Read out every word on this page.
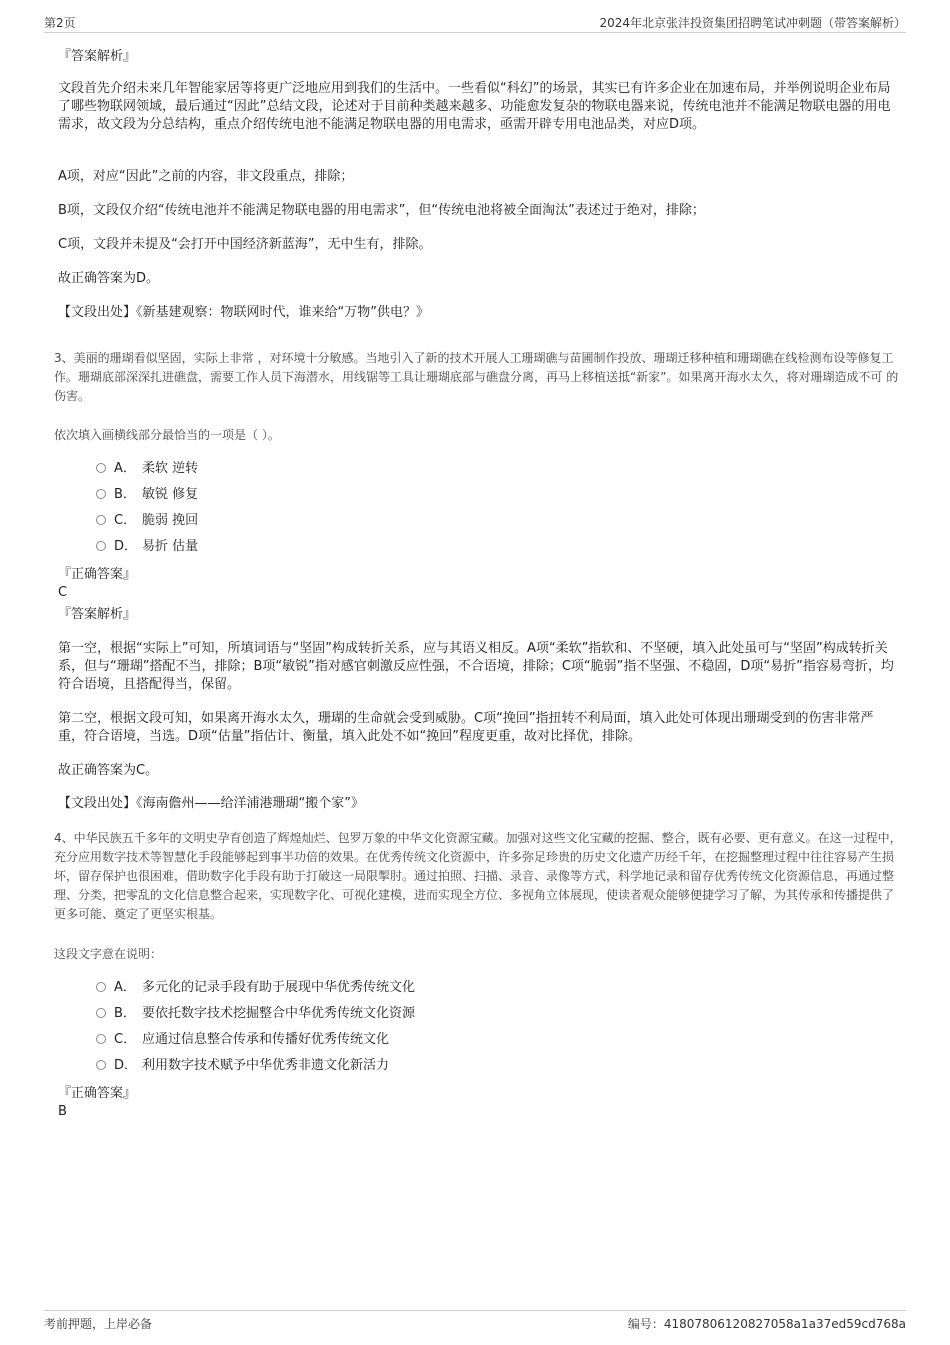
第2页	2024年北京张沣投资集团招聘笔试冲刺题（带答案解析）
『答案解析』
文段首先介绍未来几年智能家居等将更广泛地应用到我们的生活中。一些看似“科幻”的场景，其实已有许多企业在加速布局，并举例说明企业布局了哪些物联网领域，最后通过“因此”总结文段，论述对于目前种类越来越多、功能愈发复杂的物联电器来说，传统电池并不能满足物联电器的用电需求，故文段为分总结构，重点介绍传统电池不能满足物联电器的用电需求，亟需开辟专用电池品类，对应D项。
A项，对应“因此”之前的内容，非文段重点，排除；
B项，文段仅介绍“传统电池并不能满足物联电器的用电需求”，但“传统电池将被全面淘汰”表述过于绝对，排除；
C项，文段并未提及“会打开中国经济新蓝海”，无中生有，排除。
故正确答案为D。
【文段出处】《新基建观察：物联网时代，谁来给“万物”供电？》
3、美丽的珊瑚看似坚固，实际上非常 ，对环境十分敏感。当地引入了新的技术开展人工珊瑚礁与苗圃制作投放、珊瑚迁移种植和珊瑚礁在线检测布设等修复工作。珊瑚底部深深扎进礁盘，需要工作人员下海潜水，用线锯等工具让珊瑚底部与礁盘分离，再马上移植送抵“新家”。如果离开海水太久，将对珊瑚造成不可 的伤害。
依次填入画横线部分最恰当的一项是（ ）。
A． 柔软 逆转
B． 敏锐 修复
C． 脆弱 挽回
D． 易折 估量
『正确答案』
C
『答案解析』
第一空，根据“实际上”可知，所填词语与“坚固”构成转折关系，应与其语义相反。A项“柔软”指软和、不坚硬，填入此处虽可与“坚固”构成转折关系，但与“珊瑚”搭配不当，排除；B项“敏锐”指对感官刺激反应性强，不合语境，排除；C项“脆弱”指不坚强、不稳固，D项“易折”指容易弯折，均符合语境，且搭配得当，保留。
第二空，根据文段可知，如果离开海水太久，珊瑚的生命就会受到威胁。C项“挽回”指扭转不利局面，填入此处可体现出珊瑚受到的伤害非常严重，符合语境，当选。D项“估量”指估计、衡量，填入此处不如“挽回”程度更重，故对比择优，排除。
故正确答案为C。
【文段出处】《海南儋州——给洋浦港珊瑚“搬个家”》
4、中华民族五千多年的文明史孕育创造了辉煌灿烂、包罗万象的中华文化资源宝藏。加强对这些文化宝藏的挖掘、整合，既有必要、更有意义。在这一过程中，充分应用数字技术等智慧化手段能够起到事半功倍的效果。在优秀传统文化资源中，许多弥足珍贵的历史文化遗产历经千年，在挖掘整理过程中往往容易产生损坏，留存保护也很困难，借助数字化手段有助于打破这一局限掣肘。通过拍照、扫描、录音、录像等方式，科学地记录和留存优秀传统文化资源信息，再通过整理、分类，把零乱的文化信息整合起来，实现数字化、可视化建模，进而实现全方位、多视角立体展现，使读者观众能够便捷学习了解，为其传承和传播提供了更多可能、奠定了更坚实根基。
这段文字意在说明：
A． 多元化的记录手段有助于展现中华优秀传统文化
B． 要依托数字技术挖掘整合中华优秀传统文化资源
C． 应通过信息整合传承和传播好优秀传统文化
D． 利用数字技术赋予中华优秀非遗文化新活力
『正确答案』
B
考前押题，上岸必备	编号：41807806120827058a1a37ed59cd768a
